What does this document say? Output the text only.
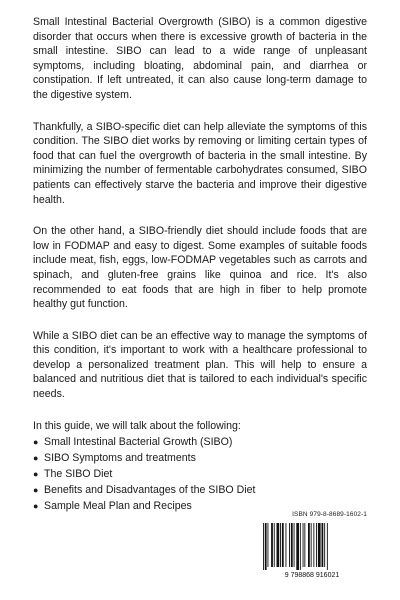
Small Intestinal Bacterial Overgrowth (SIBO) is a common digestive disorder that occurs when there is excessive growth of bacteria in the small intestine. SIBO can lead to a wide range of unpleasant symptoms, including bloating, abdominal pain, and diarrhea or constipation. If left untreated, it can also cause long-term damage to the digestive system.

Thankfully, a SIBO-specific diet can help alleviate the symptoms of this condition. The SIBO diet works by removing or limiting certain types of food that can fuel the overgrowth of bacteria in the small intestine. By minimizing the number of fermentable carbohydrates consumed, SIBO patients can effectively starve the bacteria and improve their digestive health.

On the other hand, a SIBO-friendly diet should include foods that are low in FODMAP and easy to digest. Some examples of suitable foods include meat, fish, eggs, low-FODMAP vegetables such as carrots and spinach, and gluten-free grains like quinoa and rice. It's also recommended to eat foods that are high in fiber to help promote healthy gut function.

While a SIBO diet can be an effective way to manage the symptoms of this condition, it's important to work with a healthcare professional to develop a personalized treatment plan. This will help to ensure a balanced and nutritious diet that is tailored to each individual's specific needs.

In this guide, we will talk about the following:

● Small Intestinal Bacterial Growth (SIBO)
● SIBO Symptoms and treatments
● The SIBO Diet
● Benefits and Disadvantages of the SIBO Diet
● Sample Meal Plan and Recipes
ISBN 979-8-8689-1602-1
9 798868 916021
